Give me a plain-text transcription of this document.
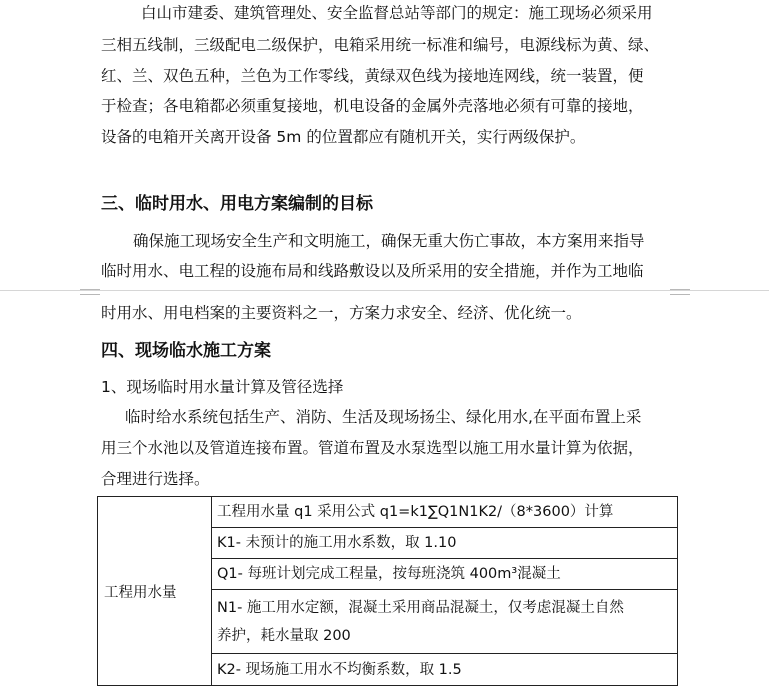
白山市建委、建筑管理处、安全监督总站等部门的规定：施工现场必须采用
三相五线制，三级配电二级保护，电箱采用统一标准和编号，电源线标为黄、绿、
红、兰、双色五种，兰色为工作零线，黄绿双色线为接地连网线，统一装置，便
于检查；各电箱都必须重复接地，机电设备的金属外壳落地必须有可靠的接地，
设备的电箱开关离开设备 5m 的位置都应有随机开关，实行两级保护。
三、临时用水、用电方案编制的目标
确保施工现场安全生产和文明施工，确保无重大伤亡事故，本方案用来指导
临时用水、电工程的设施布局和线路敷设以及所采用的安全措施，并作为工地临
时用水、用电档案的主要资料之一，方案力求安全、经济、优化统一。
四、现场临水施工方案
1、现场临时用水量计算及管径选择
临时给水系统包括生产、消防、生活及现场扬尘、绿化用水,在平面布置上采
用三个水池以及管道连接布置。管道布置及水泵选型以施工用水量计算为依据，
合理进行选择。
工程用水量	
工程用水量 q1 采用公式 q1=k1∑Q1N1K2/（8*3600）计算

K1- 未预计的施工用水系数，取 1.10

Q1- 每班计划完成工程量，按每班浇筑 400m³混凝土

N1- 施工用水定额，混凝土采用商品混凝土，仅考虑混凝土自然
养护，耗水量取 200

K2- 现场施工用水不均衡系数，取 1.5
